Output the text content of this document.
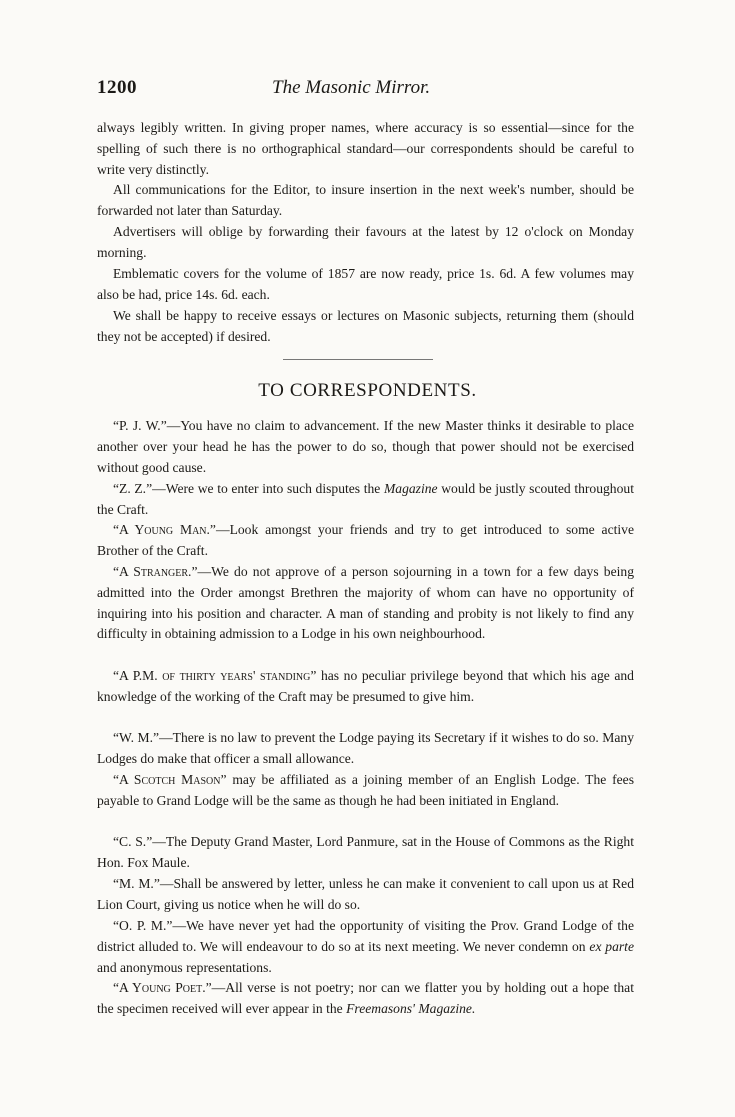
1200	The Masonic Mirror.

always legibly written. In giving proper names, where accuracy is so essential—since for the spelling of such there is no orthographical standard—our correspondents should be careful to write very distinctly.

All communications for the Editor, to insure insertion in the next week's number, should be forwarded not later than Saturday.

Advertisers will oblige by forwarding their favours at the latest by 12 o'clock on Monday morning.

Emblematic covers for the volume of 1857 are now ready, price 1s. 6d. A few volumes may also be had, price 14s. 6d. each.

We shall be happy to receive essays or lectures on Masonic subjects, returning them (should they not be accepted) if desired.

TO CORRESPONDENTS.

“P. J. W.”—You have no claim to advancement. If the new Master thinks it desirable to place another over your head he has the power to do so, though that power should not be exercised without good cause.

“Z. Z.”—Were we to enter into such disputes the Magazine would be justly scouted throughout the Craft.

“A Young Man.”—Look amongst your friends and try to get introduced to some active Brother of the Craft.

“A Stranger.”—We do not approve of a person sojourning in a town for a few days being admitted into the Order amongst Brethren the majority of whom can have no opportunity of inquiring into his position and character. A man of standing and probity is not likely to find any difficulty in obtaining admission to a Lodge in his own neighbourhood.

“A P.M. of thirty years' standing” has no peculiar privilege beyond that which his age and knowledge of the working of the Craft may be presumed to give him.

“W. M.”—There is no law to prevent the Lodge paying its Secretary if it wishes to do so. Many Lodges do make that officer a small allowance.

“A Scotch Mason” may be affiliated as a joining member of an English Lodge. The fees payable to Grand Lodge will be the same as though he had been initiated in England.

“C. S.”—The Deputy Grand Master, Lord Panmure, sat in the House of Commons as the Right Hon. Fox Maule.

“M. M.”—Shall be answered by letter, unless he can make it convenient to call upon us at Red Lion Court, giving us notice when he will do so.

“O. P. M.”—We have never yet had the opportunity of visiting the Prov. Grand Lodge of the district alluded to. We will endeavour to do so at its next meeting. We never condemn on ex parte and anonymous representations.

“A Young Poet.”—All verse is not poetry; nor can we flatter you by holding out a hope that the specimen received will ever appear in the Freemasons' Magazine.
